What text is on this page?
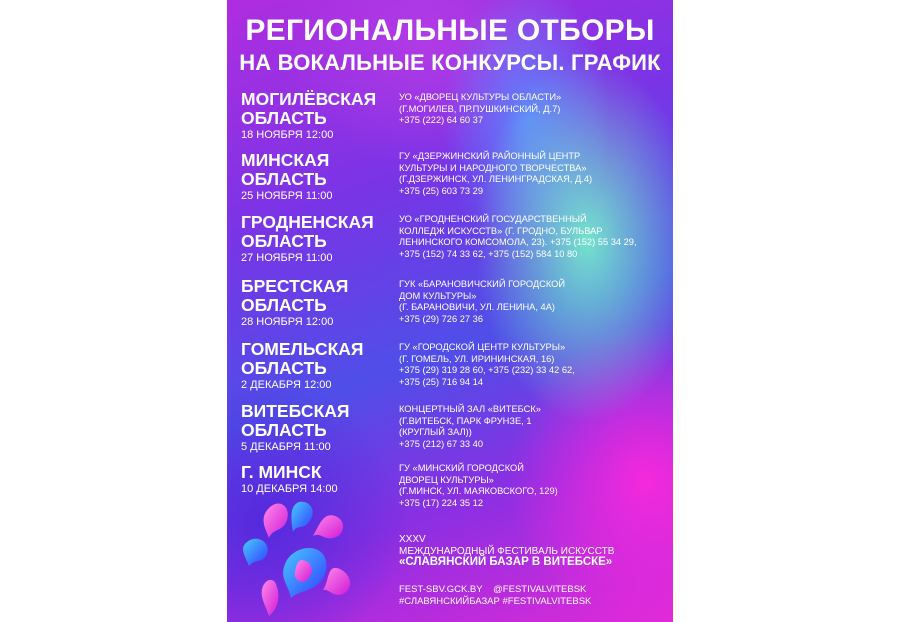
РЕГИОНАЛЬНЫЕ ОТБОРЫ
НА ВОКАЛЬНЫЕ КОНКУРСЫ. ГРАФИК
МОГИЛЁВСКАЯ
ОБЛАСТЬ
18 НОЯБРЯ 12:00
УО «ДВОРЕЦ КУЛЬТУРЫ ОБЛАСТИ»
(Г.МОГИЛЕВ, ПР.ПУШКИНСКИЙ, Д.7)
+375 (222) 64 60 37
МИНСКАЯ
ОБЛАСТЬ
25 НОЯБРЯ 11:00
ГУ «ДЗЕРЖИНСКИЙ РАЙОННЫЙ ЦЕНТР
КУЛЬТУРЫ И НАРОДНОГО ТВОРЧЕСТВА»
(Г.ДЗЕРЖИНСК, УЛ. ЛЕНИНГРАДСКАЯ, Д.4)
+375 (25) 603 73 29
ГРОДНЕНСКАЯ
ОБЛАСТЬ
27 НОЯБРЯ 11:00
УО «ГРОДНЕНСКИЙ ГОСУДАРСТВЕННЫЙ
КОЛЛЕДЖ ИСКУССТВ» (Г. ГРОДНО, БУЛЬВАР
ЛЕНИНСКОГО КОМСОМОЛА, 23). +375 (152) 55 34 29,
+375 (152) 74 33 62, +375 (152) 584 10 80
БРЕСТСКАЯ
ОБЛАСТЬ
28 НОЯБРЯ 12:00
ГУК «БАРАНОВИЧСКИЙ ГОРОДСКОЙ
ДОМ КУЛЬТУРЫ»
(Г. БАРАНОВИЧИ, УЛ. ЛЕНИНА, 4А)
+375 (29) 726 27 36
ГОМЕЛЬСКАЯ
ОБЛАСТЬ
2 ДЕКАБРЯ 12:00
ГУ «ГОРОДСКОЙ ЦЕНТР КУЛЬТУРЫ»
(Г. ГОМЕЛЬ, УЛ. ИРИНИНСКАЯ, 16)
+375 (29) 319 28 60, +375 (232) 33 42 62,
+375 (25) 716 94 14
ВИТЕБСКАЯ
ОБЛАСТЬ
5 ДЕКАБРЯ 11:00
КОНЦЕРТНЫЙ ЗАЛ «ВИТЕБСК»
(Г.ВИТЕБСК, ПАРК ФРУНЗЕ, 1
(КРУГЛЫЙ ЗАЛ))
+375 (212) 67 33 40
Г. МИНСК
10 ДЕКАБРЯ 14:00
ГУ «МИНСКИЙ ГОРОДСКОЙ
ДВОРЕЦ КУЛЬТУРЫ»
(Г.МИНСК, УЛ. МАЯКОВСКОГО, 129)
+375 (17) 224 35 12
XXXV
МЕЖДУНАРОДНЫЙ ФЕСТИВАЛЬ ИСКУССТВ
«СЛАВЯНСКИЙ БАЗАР В ВИТЕБСКЕ»
FEST-SBV.GCK.BY @FESTIVALVITEBSK
#СЛАВЯНСКИЙБАЗАР #FESTIVALVITEBSK
